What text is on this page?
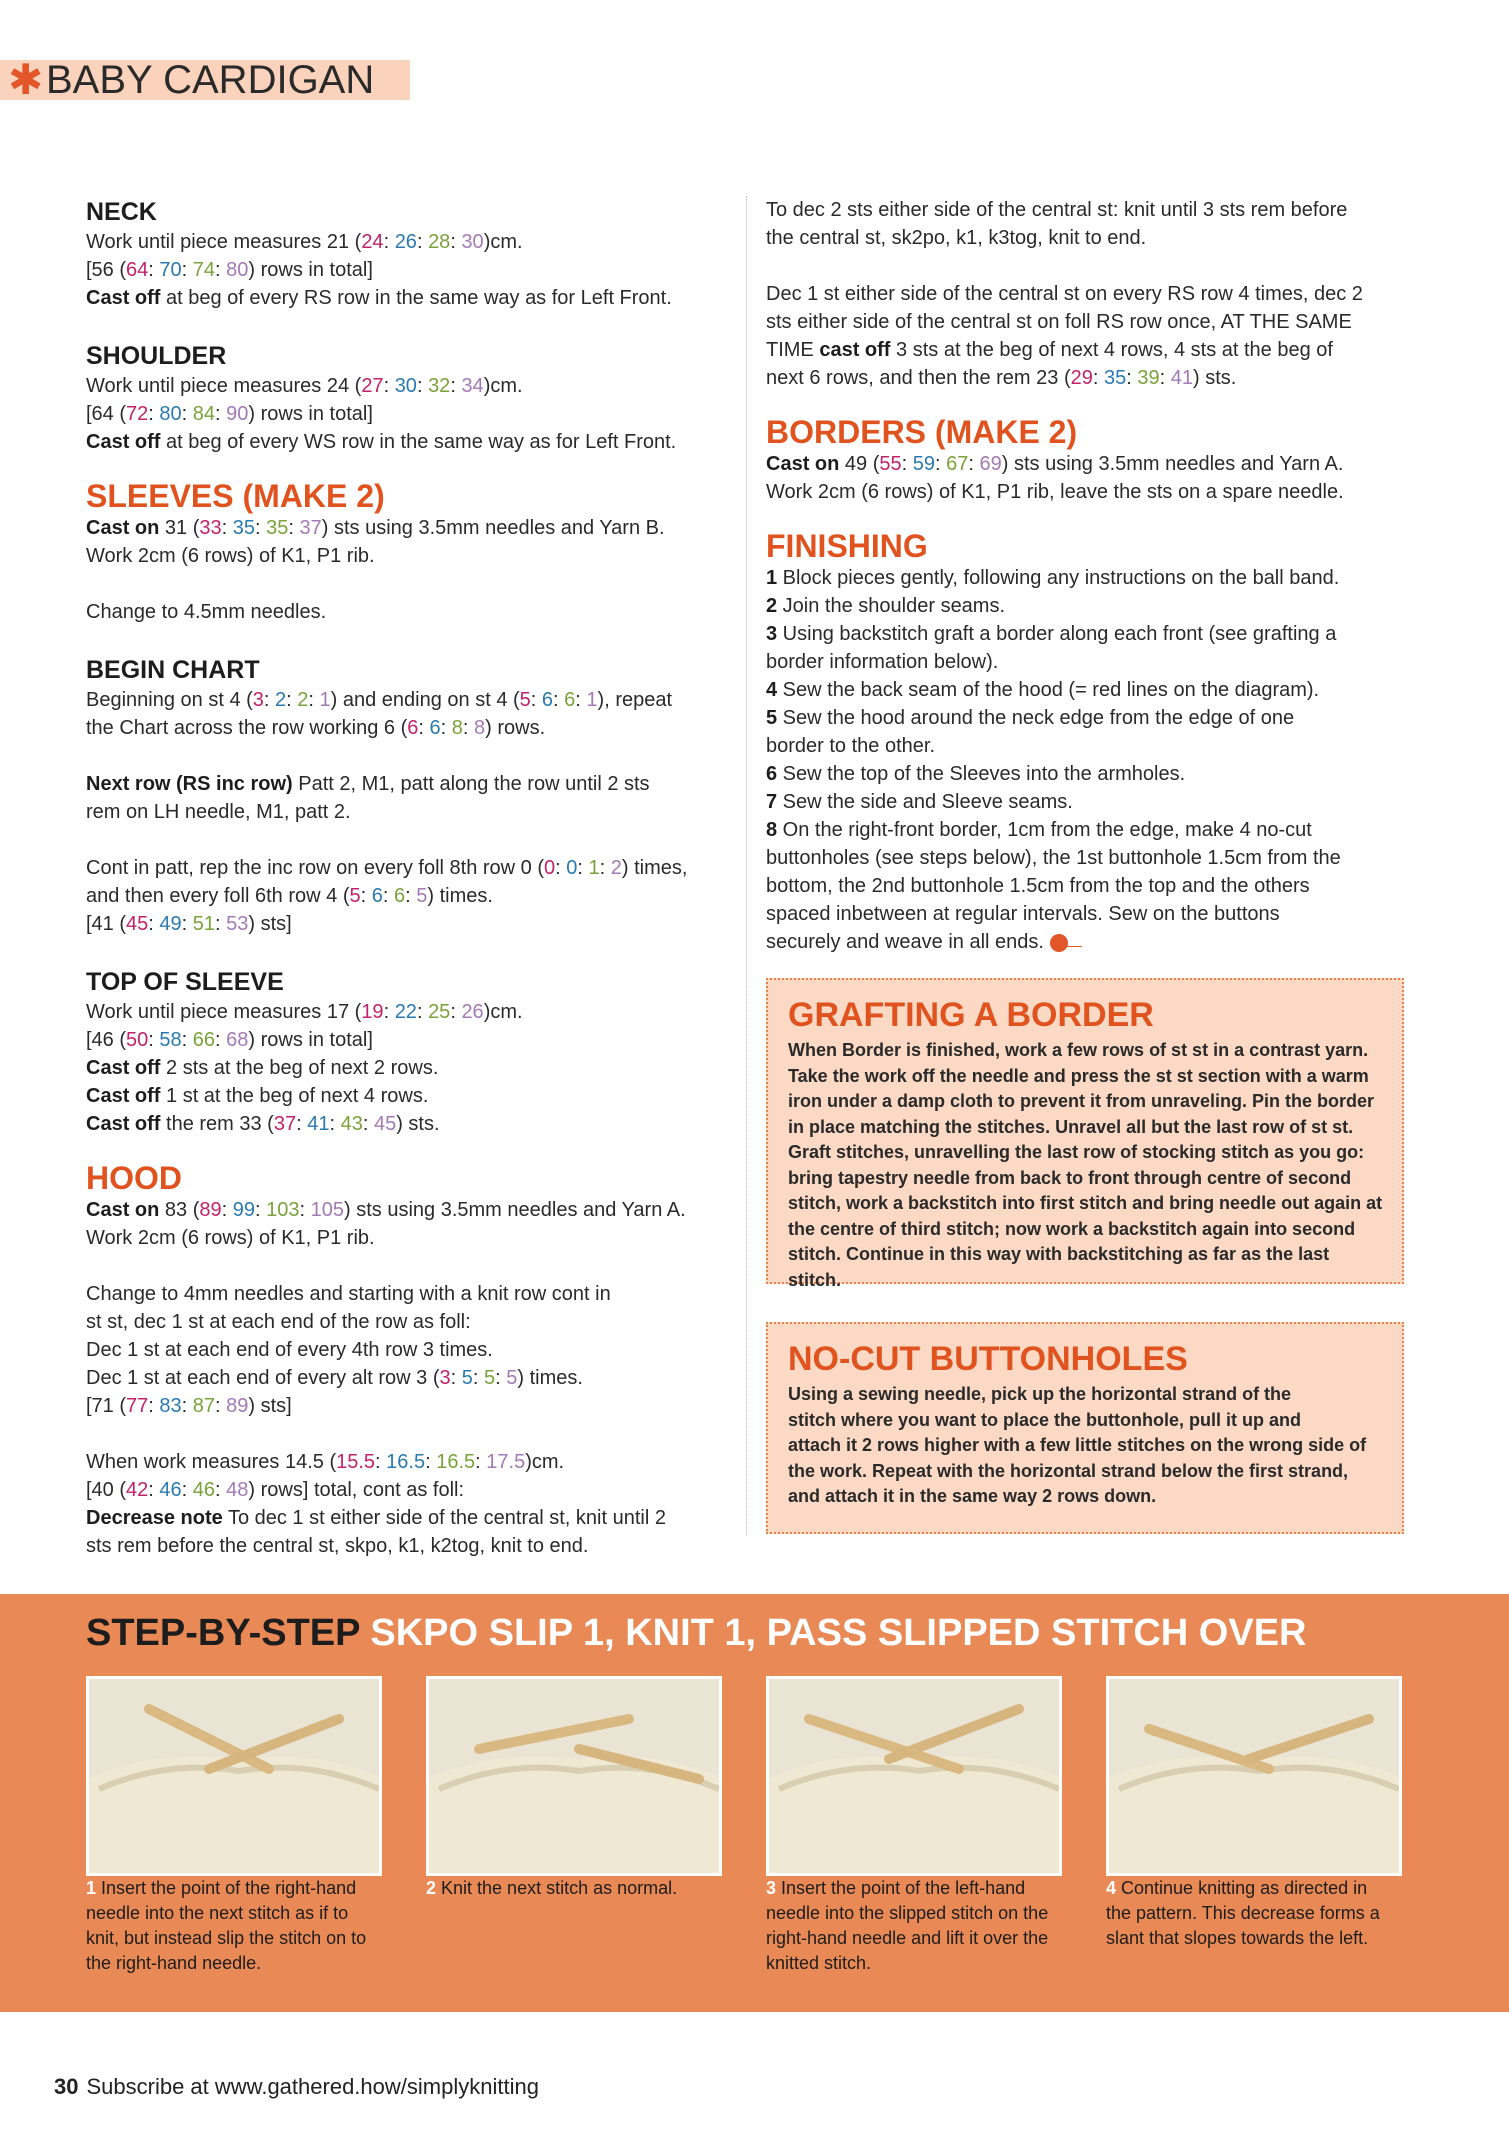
✱ BABY CARDIGAN
NECK
Work until piece measures 21 (24: 26: 28: 30)cm.
[56 (64: 70: 74: 80) rows in total]
Cast off at beg of every RS row in the same way as for Left Front.
SHOULDER
Work until piece measures 24 (27: 30: 32: 34)cm.
[64 (72: 80: 84: 90) rows in total]
Cast off at beg of every WS row in the same way as for Left Front.
SLEEVES (MAKE 2)
Cast on 31 (33: 35: 35: 37) sts using 3.5mm needles and Yarn B.
Work 2cm (6 rows) of K1, P1 rib.
Change to 4.5mm needles.
BEGIN CHART
Beginning on st 4 (3: 2: 2: 1) and ending on st 4 (5: 6: 6: 1), repeat
the Chart across the row working 6 (6: 6: 8: 8) rows.
Next row (RS inc row) Patt 2, M1, patt along the row until 2 sts
rem on LH needle, M1, patt 2.
Cont in patt, rep the inc row on every foll 8th row 0 (0: 0: 1: 2) times,
and then every foll 6th row 4 (5: 6: 6: 5) times.
[41 (45: 49: 51: 53) sts]
TOP OF SLEEVE
Work until piece measures 17 (19: 22: 25: 26)cm.
[46 (50: 58: 66: 68) rows in total]
Cast off 2 sts at the beg of next 2 rows.
Cast off 1 st at the beg of next 4 rows.
Cast off the rem 33 (37: 41: 43: 45) sts.
HOOD
Cast on 83 (89: 99: 103: 105) sts using 3.5mm needles and Yarn A.
Work 2cm (6 rows) of K1, P1 rib.
Change to 4mm needles and starting with a knit row cont in
st st, dec 1 st at each end of the row as foll:
Dec 1 st at each end of every 4th row 3 times.
Dec 1 st at each end of every alt row 3 (3: 5: 5: 5) times.
[71 (77: 83: 87: 89) sts]
When work measures 14.5 (15.5: 16.5: 16.5: 17.5)cm.
[40 (42: 46: 46: 48) rows] total, cont as foll:
Decrease note To dec 1 st either side of the central st, knit until 2
sts rem before the central st, skpo, k1, k2tog, knit to end.
To dec 2 sts either side of the central st: knit until 3 sts rem before
the central st, sk2po, k1, k3tog, knit to end.
Dec 1 st either side of the central st on every RS row 4 times, dec 2
sts either side of the central st on foll RS row once, AT THE SAME
TIME cast off 3 sts at the beg of next 4 rows, 4 sts at the beg of
next 6 rows, and then the rem 23 (29: 35: 39: 41) sts.
BORDERS (MAKE 2)
Cast on 49 (55: 59: 67: 69) sts using 3.5mm needles and Yarn A.
Work 2cm (6 rows) of K1, P1 rib, leave the sts on a spare needle.
FINISHING
1 Block pieces gently, following any instructions on the ball band.
2 Join the shoulder seams.
3 Using backstitch graft a border along each front (see grafting a
border information below).
4 Sew the back seam of the hood (= red lines on the diagram).
5 Sew the hood around the neck edge from the edge of one
border to the other.
6 Sew the top of the Sleeves into the armholes.
7 Sew the side and Sleeve seams.
8 On the right-front border, 1cm from the edge, make 4 no-cut
buttonholes (see steps below), the 1st buttonhole 1.5cm from the
bottom, the 2nd buttonhole 1.5cm from the top and the others
spaced inbetween at regular intervals. Sew on the buttons
securely and weave in all ends.
GRAFTING A BORDER
When Border is finished, work a few rows of st st in a contrast yarn.
Take the work off the needle and press the st st section with a warm
iron under a damp cloth to prevent it from unraveling. Pin the border
in place matching the stitches. Unravel all but the last row of st st.
Graft stitches, unravelling the last row of stocking stitch as you go:
bring tapestry needle from back to front through centre of second
stitch, work a backstitch into first stitch and bring needle out again at
the centre of third stitch; now work a backstitch again into second
stitch. Continue in this way with backstitching as far as the last stitch.
NO-CUT BUTTONHOLES
Using a sewing needle, pick up the horizontal strand of the
stitch where you want to place the buttonhole, pull it up and
attach it 2 rows higher with a few little stitches on the wrong side of
the work. Repeat with the horizontal strand below the first strand,
and attach it in the same way 2 rows down.
STEP-BY-STEP SKPO SLIP 1, KNIT 1, PASS SLIPPED STITCH OVER
1 Insert the point of the right-hand
needle into the next stitch as if to
knit, but instead slip the stitch on to
the right-hand needle.
2 Knit the next stitch as normal.	3 Insert the point of the left-hand
needle into the slipped stitch on the
right-hand needle and lift it over the
knitted stitch.
4 Continue knitting as directed in
the pattern. This decrease forms a
slant that slopes towards the left.
30 Subscribe at www.gathered.how/simplyknitting
